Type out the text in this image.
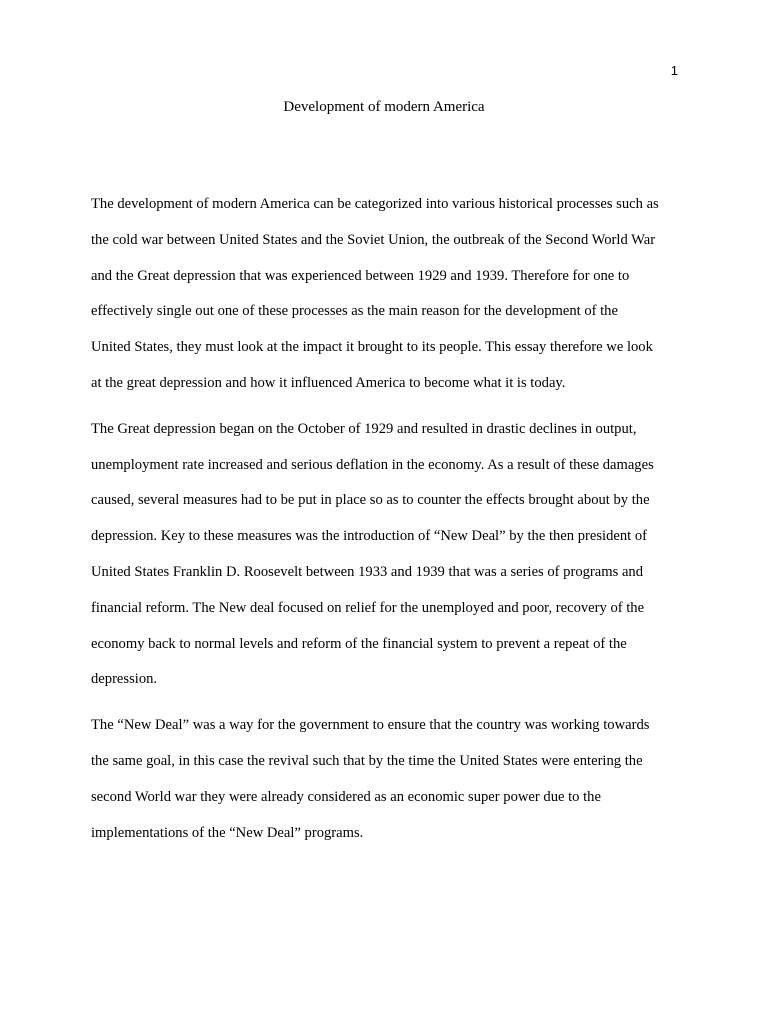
1
Development of modern America

The development of modern America can be categorized into various historical processes such as
the cold war between United States and the Soviet Union, the outbreak of the Second World War
and the Great depression that was experienced between 1929 and 1939. Therefore for one to
effectively single out one of these processes as the main reason for the development of the
United States, they must look at the impact it brought to its people. This essay therefore we look
at the great depression and how it influenced America to become what it is today.

The Great depression began on the October of 1929 and resulted in drastic declines in output,
unemployment rate increased and serious deflation in the economy. As a result of these damages
caused, several measures had to be put in place so as to counter the effects brought about by the
depression. Key to these measures was the introduction of “New Deal” by the then president of
United States Franklin D. Roosevelt between 1933 and 1939 that was a series of programs and
financial reform. The New deal focused on relief for the unemployed and poor, recovery of the
economy back to normal levels and reform of the financial system to prevent a repeat of the
depression.

The “New Deal” was a way for the government to ensure that the country was working towards
the same goal, in this case the revival such that by the time the United States were entering the
second World war they were already considered as an economic super power due to the
implementations of the “New Deal” programs.
